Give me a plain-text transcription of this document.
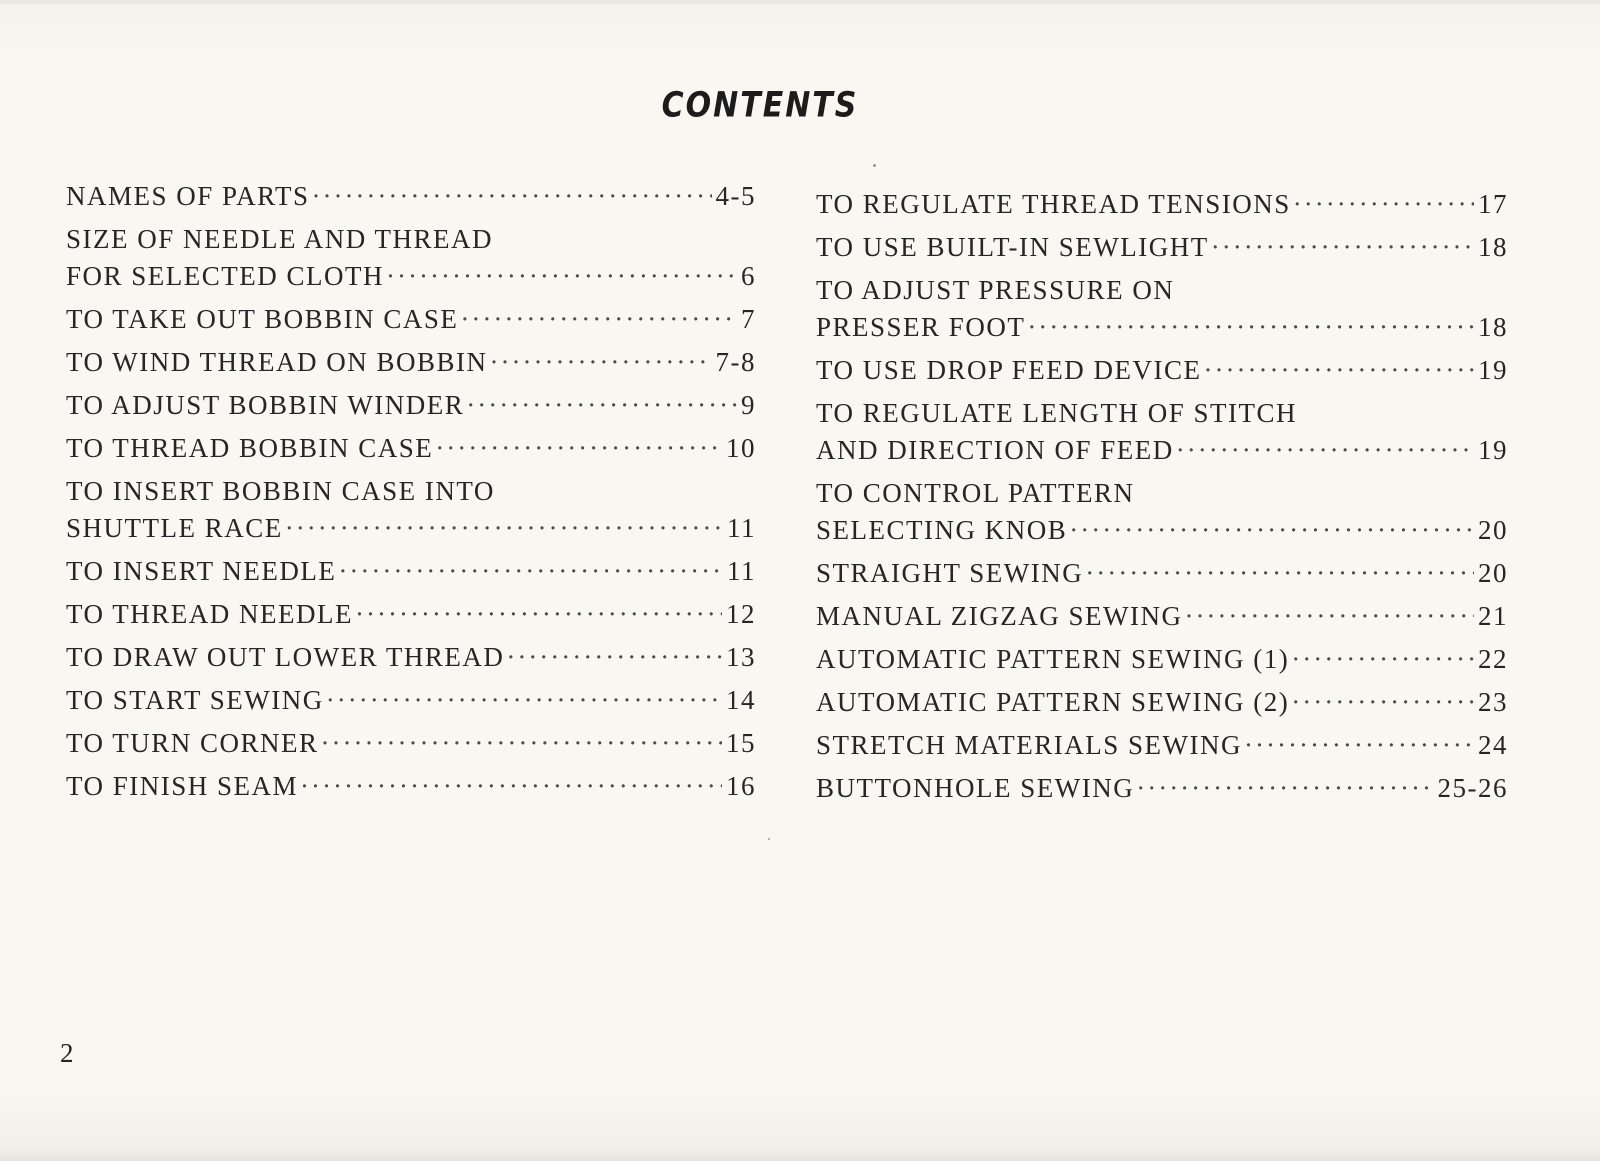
CONTENTS
NAMES OF PARTS ·····	4-5
SIZE OF NEEDLE AND THREAD
FOR SELECTED CLOTH ·····	6
TO TAKE OUT BOBBIN CASE ·····	7
TO WIND THREAD ON BOBBIN ·····	7-8
TO ADJUST BOBBIN WINDER ·····	9
TO THREAD BOBBIN CASE ·····	10
TO INSERT BOBBIN CASE INTO
SHUTTLE RACE ·····	11
TO INSERT NEEDLE ·····	11
TO THREAD NEEDLE ·····	12
TO DRAW OUT LOWER THREAD ·····	13
TO START SEWING ·····	14
TO TURN CORNER ·····	15
TO FINISH SEAM ·····	16
TO REGULATE THREAD TENSIONS ·····	17
TO USE BUILT-IN SEWLIGHT ·····	18
TO ADJUST PRESSURE ON
PRESSER FOOT ·····	18
TO USE DROP FEED DEVICE ·····	19
TO REGULATE LENGTH OF STITCH
AND DIRECTION OF FEED ·····	19
TO CONTROL PATTERN
SELECTING KNOB ·····	20
STRAIGHT SEWING ·····	20
MANUAL ZIGZAG SEWING ·····	21
AUTOMATIC PATTERN SEWING (1) ·····	22
AUTOMATIC PATTERN SEWING (2) ·····	23
STRETCH MATERIALS SEWING ·····	24
BUTTONHOLE SEWING ·····	25-26
2
